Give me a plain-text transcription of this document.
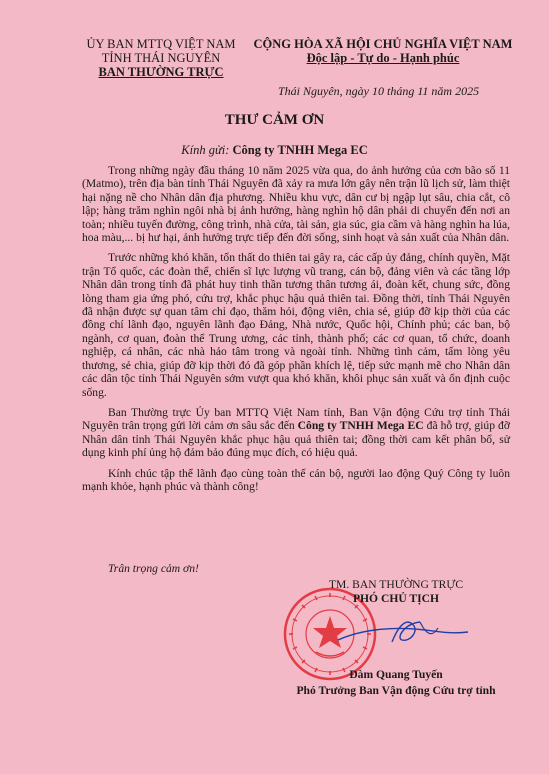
ỦY BAN MTTQ VIỆT NAM
TỈNH THÁI NGUYÊN
BAN THƯỜNG TRỰC
CỘNG HÒA XÃ HỘI CHỦ NGHĨA VIỆT NAM
Độc lập - Tự do - Hạnh phúc
Thái Nguyên, ngày 10 tháng 11 năm 2025
THƯ CẢM ƠN
Kính gửi: Công ty TNHH Mega EC

Trong những ngày đầu tháng 10 năm 2025 vừa qua, do ảnh hưởng của cơn bão số 11 (Matmo), trên địa bàn tỉnh Thái Nguyên đã xảy ra mưa lớn gây nên trận lũ lịch sử, làm thiệt hại nặng nề cho Nhân dân địa phương. Nhiều khu vực, dân cư bị ngập lụt sâu, chia cắt, cô lập; hàng trăm nghìn ngôi nhà bị ảnh hưởng, hàng nghìn hộ dân phải di chuyển đến nơi an toàn; nhiều tuyến đường, công trình, nhà cửa, tài sản, gia súc, gia cầm và hàng nghìn ha lúa, hoa màu,... bị hư hại, ảnh hưởng trực tiếp đến đời sống, sinh hoạt và sản xuất của Nhân dân.

Trước những khó khăn, tổn thất do thiên tai gây ra, các cấp ủy đảng, chính quyền, Mặt trận Tổ quốc, các đoàn thể, chiến sĩ lực lượng vũ trang, cán bộ, đảng viên và các tầng lớp Nhân dân trong tỉnh đã phát huy tinh thần tương thân tương ái, đoàn kết, chung sức, đồng lòng tham gia ứng phó, cứu trợ, khắc phục hậu quả thiên tai. Đồng thời, tỉnh Thái Nguyên đã nhận được sự quan tâm chỉ đạo, thăm hỏi, động viên, chia sẻ, giúp đỡ kịp thời của các đồng chí lãnh đạo, nguyên lãnh đạo Đảng, Nhà nước, Quốc hội, Chính phủ; các ban, bộ ngành, cơ quan, đoàn thể Trung ương, các tỉnh, thành phố; các cơ quan, tổ chức, doanh nghiệp, cá nhân, các nhà hảo tâm trong và ngoài tỉnh. Những tình cảm, tấm lòng yêu thương, sẻ chia, giúp đỡ kịp thời đó đã góp phần khích lệ, tiếp sức mạnh mẽ cho Nhân dân các dân tộc tỉnh Thái Nguyên sớm vượt qua khó khăn, khôi phục sản xuất và ổn định cuộc sống.

Ban Thường trực Ủy ban MTTQ Việt Nam tỉnh, Ban Vận động Cứu trợ tỉnh Thái Nguyên trân trọng gửi lời cảm ơn sâu sắc đến Công ty TNHH Mega EC đã hỗ trợ, giúp đỡ Nhân dân tỉnh Thái Nguyên khắc phục hậu quả thiên tai; đồng thời cam kết phân bổ, sử dụng kinh phí ủng hộ đảm bảo đúng mục đích, có hiệu quả.

Kính chúc tập thể lãnh đạo cùng toàn thể cán bộ, người lao động Quý Công ty luôn mạnh khỏe, hạnh phúc và thành công!

Trân trọng cảm ơn!
TM. BAN THƯỜNG TRỰC
PHÓ CHỦ TỊCH
Đàm Quang Tuyến
Phó Trưởng Ban Vận động Cứu trợ tỉnh
